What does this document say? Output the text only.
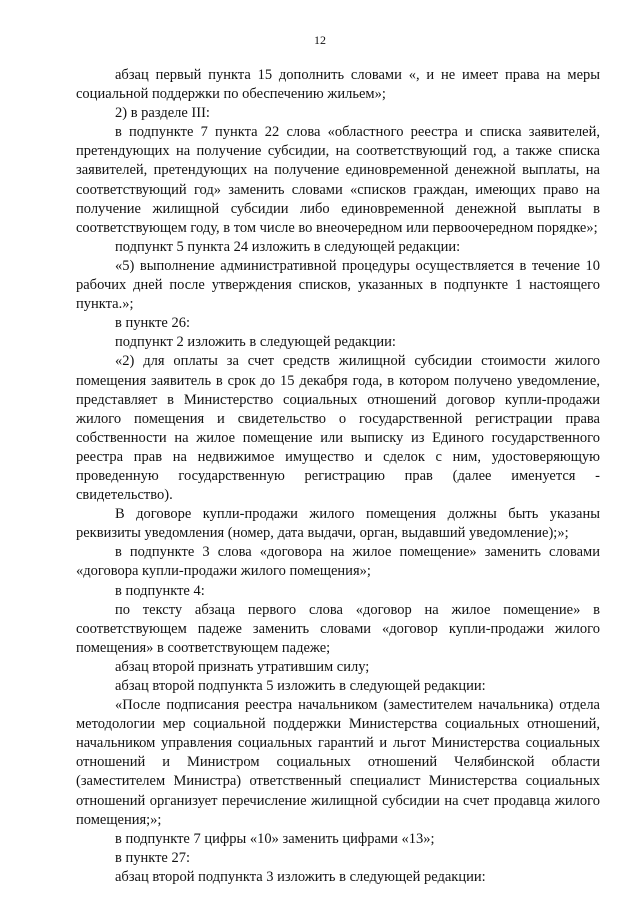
12

абзац первый пункта 15 дополнить словами «, и не имеет права на меры социальной поддержки по обеспечению жильем»;

2) в разделе III:

в подпункте 7 пункта 22 слова «областного реестра и списка заявителей, претендующих на получение субсидии, на соответствующий год, а также списка заявителей, претендующих на получение единовременной денежной выплаты, на соответствующий год» заменить словами «списков граждан, имеющих право на получение жилищной субсидии либо единовременной денежной выплаты в соответствующем году, в том числе во внеочередном или первоочередном порядке»;

подпункт 5 пункта 24 изложить в следующей редакции:

«5) выполнение административной процедуры осуществляется в течение 10 рабочих дней после утверждения списков, указанных в подпункте 1 настоящего пункта.»;

в пункте 26:

подпункт 2 изложить в следующей редакции:

«2) для оплаты за счет средств жилищной субсидии стоимости жилого помещения заявитель в срок до 15 декабря года, в котором получено уведомление, представляет в Министерство социальных отношений договор купли-продажи жилого помещения и свидетельство о государственной регистрации права собственности на жилое помещение или выписку из Единого государственного реестра прав на недвижимое имущество и сделок с ним, удостоверяющую проведенную государственную регистрацию прав (далее именуется - свидетельство).

В договоре купли-продажи жилого помещения должны быть указаны реквизиты уведомления (номер, дата выдачи, орган, выдавший уведомление);»;

в подпункте 3 слова «договора на жилое помещение» заменить словами «договора купли-продажи жилого помещения»;

в подпункте 4:

по тексту абзаца первого слова «договор на жилое помещение» в соответствующем падеже заменить словами «договор купли-продажи жилого помещения» в соответствующем падеже;

абзац второй признать утратившим силу;

абзац второй подпункта 5 изложить в следующей редакции:

«После подписания реестра начальником (заместителем начальника) отдела методологии мер социальной поддержки Министерства социальных отношений, начальником управления социальных гарантий и льгот Министерства социальных отношений и Министром социальных отношений Челябинской области (заместителем Министра) ответственный специалист Министерства социальных отношений организует перечисление жилищной субсидии на счет продавца жилого помещения;»;

в подпункте 7 цифры «10» заменить цифрами «13»;

в пункте 27:

абзац второй подпункта 3 изложить в следующей редакции:
